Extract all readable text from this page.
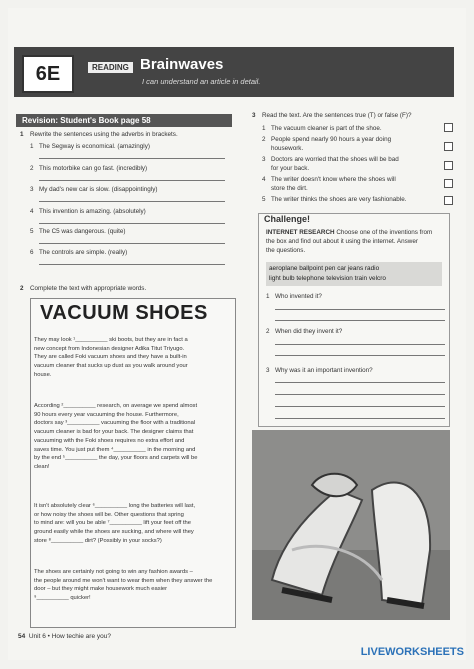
6E	READING Brainwaves
I can understand an article in detail.
Revision: Student's Book page 58
1 Rewrite the sentences using the adverbs in brackets.
1 The Segway is economical. (amazingly)
2 This motorbike can go fast. (incredibly)
3 My dad's new car is slow. (disappointingly)
4 This invention is amazing. (absolutely)
5 The C5 was dangerous. (quite)
6 The controls are simple. (really)
2 Complete the text with appropriate words.
3 Read the text. Are the sentences true (T) or false (F)?
1 The vacuum cleaner is part of the shoe.
2 People spend nearly 90 hours a year doing
housework.
3 Doctors are worried that the shoes will be bad
for your back.
4 The writer doesn't know where the shoes will
store the dirt.
5 The writer thinks the shoes are very fashionable.
Challenge!
INTERNET RESEARCH Choose one of the inventions from
the box and find out about it using the internet. Answer
the questions.
aeroplane ballpoint pen car jeans radio
light bulb telephone television train velcro
1 Who invented it?
2 When did they invent it?
3 Why was it an important invention?
VACUUM SHOES
They may look ¹__________ ski boots, but they are in fact a
new concept from Indonesian designer Adika Titut Triyugo.
They are called Foki vacuum shoes and they have a built-in
vacuum cleaner that sucks up dust as you walk around your
house.
According ²__________ research, on average we spend almost
90 hours every year vacuuming the house. Furthermore,
doctors say ³__________ vacuuming the floor with a traditional
vacuum cleaner is bad for your back. The designer claims that
vacuuming with the Foki shoes requires no extra effort and
saves time. You just put them ⁴__________ in the morning and
by the end ⁵__________ the day, your floors and carpets will be
clean!
It isn't absolutely clear ⁶__________ long the batteries will last,
or how noisy the shoes will be. Other questions that spring
to mind are: will you be able ⁷__________ lift your feet off the
ground easily while the shoes are sucking, and where will they
store ⁸__________ dirt? (Possibly in your socks?)
The shoes are certainly not going to win any fashion awards –
the people around me won't want to wear them when they answer the
door – but they might make housework much easier
⁹__________ quicker!
54 Unit 6 • How techie are you?
LIVEWORKSHEETS
